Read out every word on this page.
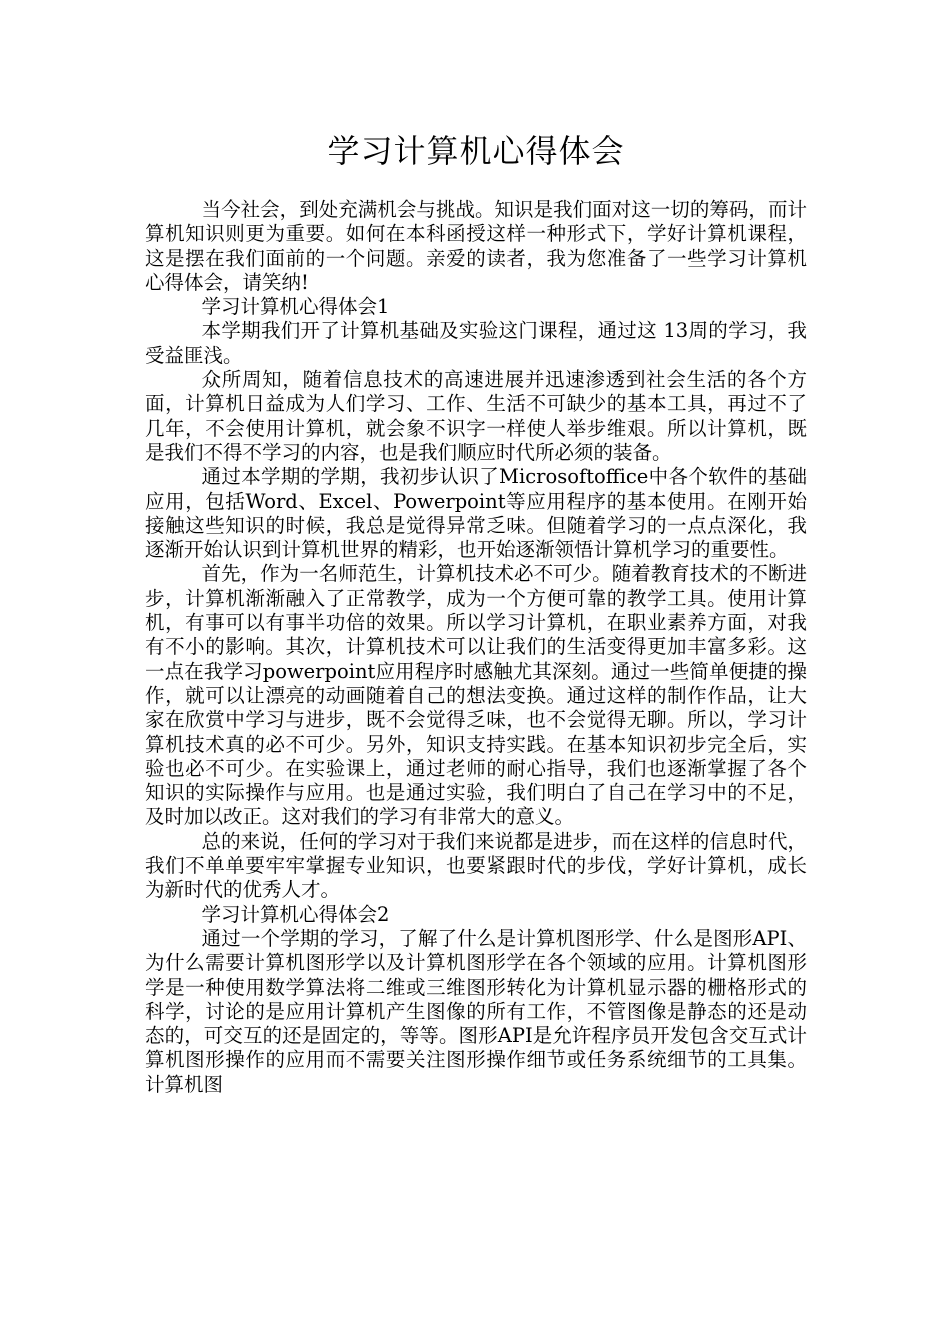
学习计算机心得体会

当今社会，到处充满机会与挑战。知识是我们面对这一切的筹码，而计算机知识则更为重要。如何在本科函授这样一种形式下，学好计算机课程，这是摆在我们面前的一个问题。亲爱的读者，我为您准备了一些学习计算机心得体会，请笑纳!

学习计算机心得体会1

本学期我们开了计算机基础及实验这门课程，通过这 13周的学习，我受益匪浅。

众所周知，随着信息技术的高速进展并迅速渗透到社会生活的各个方面，计算机日益成为人们学习、工作、生活不可缺少的基本工具，再过不了几年，不会使用计算机，就会象不识字一样使人举步维艰。所以计算机，既是我们不得不学习的内容，也是我们顺应时代所必须的装备。

通过本学期的学期，我初步认识了Microsoftoffice中各个软件的基础应用，包括Word、Excel、Powerpoint等应用程序的基本使用。在刚开始接触这些知识的时候，我总是觉得异常乏味。但随着学习的一点点深化，我逐渐开始认识到计算机世界的精彩，也开始逐渐领悟计算机学习的重要性。

首先，作为一名师范生，计算机技术必不可少。随着教育技术的不断进步，计算机渐渐融入了正常教学，成为一个方便可靠的教学工具。使用计算机，有事可以有事半功倍的效果。所以学习计算机，在职业素养方面，对我有不小的影响。其次，计算机技术可以让我们的生活变得更加丰富多彩。这一点在我学习powerpoint应用程序时感触尤其深刻。通过一些简单便捷的操作，就可以让漂亮的动画随着自己的想法变换。通过这样的制作作品，让大家在欣赏中学习与进步，既不会觉得乏味，也不会觉得无聊。所以，学习计算机技术真的必不可少。另外，知识支持实践。在基本知识初步完全后，实验也必不可少。在实验课上，通过老师的耐心指导，我们也逐渐掌握了各个知识的实际操作与应用。也是通过实验，我们明白了自己在学习中的不足，及时加以改正。这对我们的学习有非常大的意义。

总的来说，任何的学习对于我们来说都是进步，而在这样的信息时代，我们不单单要牢牢掌握专业知识，也要紧跟时代的步伐，学好计算机，成长为新时代的优秀人才。

学习计算机心得体会2

通过一个学期的学习，了解了什么是计算机图形学、什么是图形API、为什么需要计算机图形学以及计算机图形学在各个领域的应用。计算机图形学是一种使用数学算法将二维或三维图形转化为计算机显示器的栅格形式的科学，讨论的是应用计算机产生图像的所有工作，不管图像是静态的还是动态的，可交互的还是固定的，等等。图形API是允许程序员开发包含交互式计算机图形操作的应用而不需要关注图形操作细节或任务系统细节的工具集。计算机图
